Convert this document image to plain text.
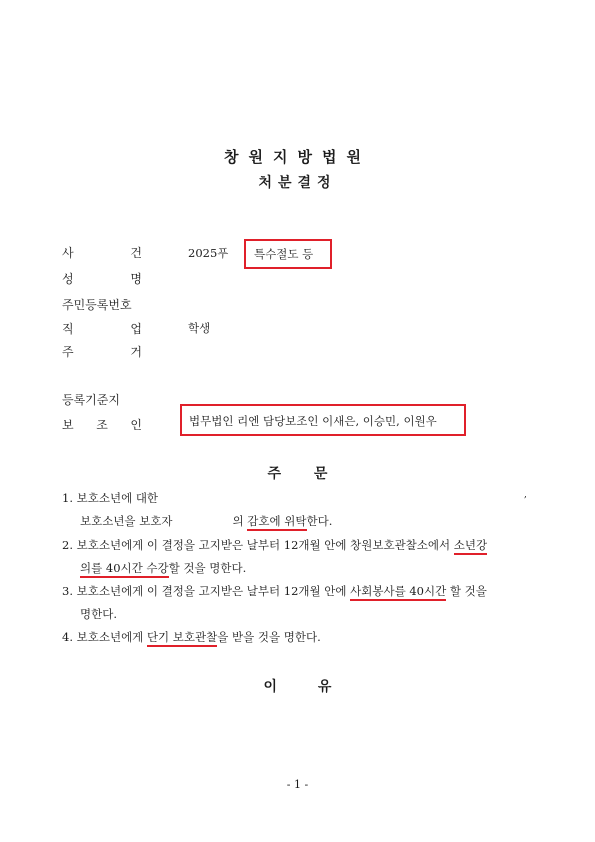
창원지방법원
처분결정
사	건	2025푸 특수절도 등
성	명
주민등록번호
직	업	학생
주	거
등록기준지
보 조 인	법무법인 리엔 담당보조인 이새은, 이승민, 이원우
주 문
1. 보호소년에 대한	,
보호소년을 보호자	의 감호에 위탁한다.
2. 보호소년에게 이 결정을 고지받은 날부터 12개월 안에 창원보호관찰소에서 소년강
의를 40시간 수강할 것을 명한다.
3. 보호소년에게 이 결정을 고지받은 날부터 12개월 안에 사회봉사를 40시간 할 것을
명한다.
4. 보호소년에게 단기 보호관찰을 받을 것을 명한다.
이 유
- 1 -
